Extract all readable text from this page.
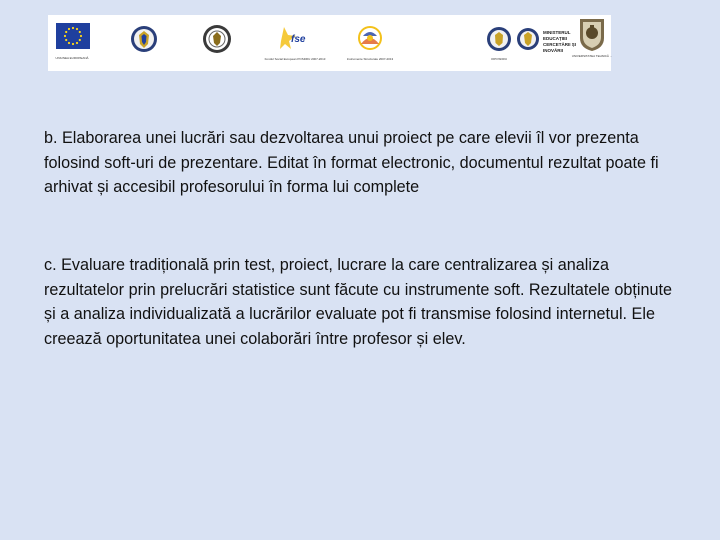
UNIUNEA EUROPEANĂ
fse
Fondul Social European POSDRU 2007-2013	Instrumente Structurale 2007-2013	OIPOSDRU
MINISTERUL EDUCAȚIEI CERCETĂRII ȘI INOVĂRII
UNIVERSITATEA TEHNICĂ ...

b. Elaborarea unei lucrări sau dezvoltarea unui proiect pe care elevii îl vor prezenta folosind soft-uri de prezentare. Editat în format electronic, documentul rezultat poate fi arhivat și accesibil profesorului în forma lui complete

c. Evaluare tradițională prin test, proiect, lucrare la care centralizarea și analiza rezultatelor prin prelucrări statistice sunt făcute cu instrumente soft. Rezultatele obținute și a analiza individualizată a lucrărilor evaluate pot fi transmise folosind internetul. Ele creează oportunitatea unei colaborări între profesor și elev.
